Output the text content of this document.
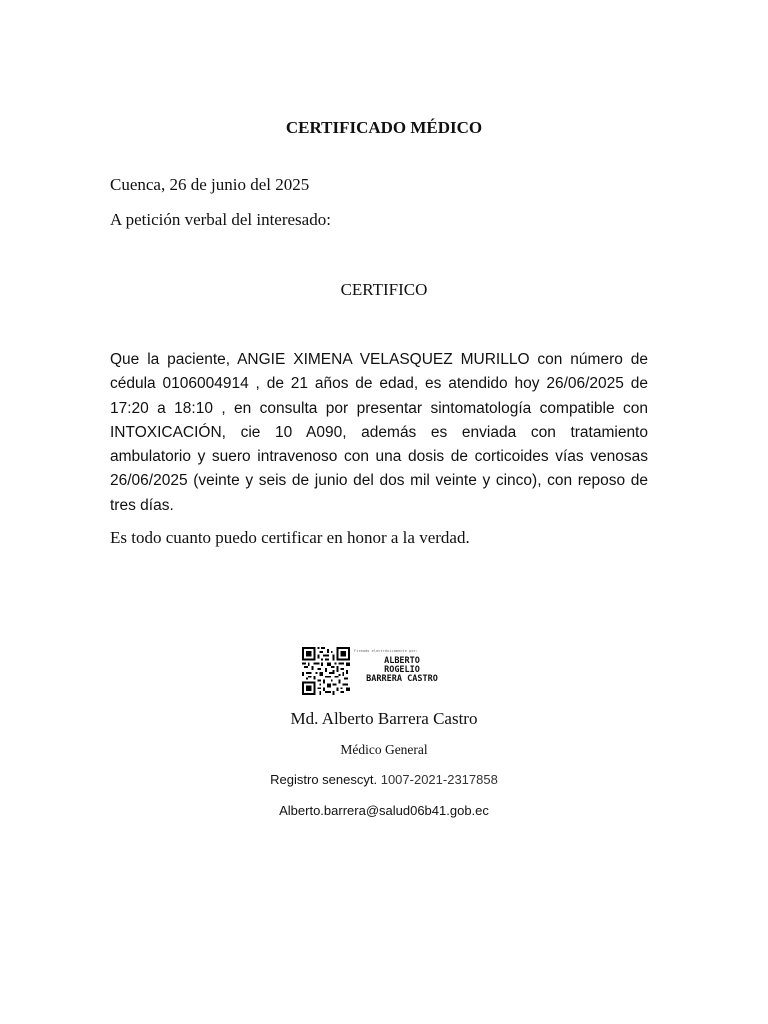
CERTIFICADO MÉDICO
Cuenca, 26 de junio del 2025
A petición verbal del interesado:
CERTIFICO
Que la paciente, ANGIE XIMENA VELASQUEZ MURILLO con número de cédula 0106004914 , de 21 años de edad, es atendido hoy 26/06/2025 de 17:20 a 18:10 , en consulta por presentar sintomatología compatible con INTOXICACIÓN, cie 10 A090, además es enviada con tratamiento ambulatorio y suero intravenoso con una dosis de corticoides vías venosas 26/06/2025 (veinte y seis de junio del dos mil veinte y cinco), con reposo de tres días.
Es todo cuanto puedo certificar en honor a la verdad.
Firmado electrónicamente por:
ALBERTO
ROGELIO
BARRERA CASTRO
Md. Alberto Barrera Castro
Médico General
Registro senescyt. 1007-2021-2317858
Alberto.barrera@salud06b41.gob.ec
